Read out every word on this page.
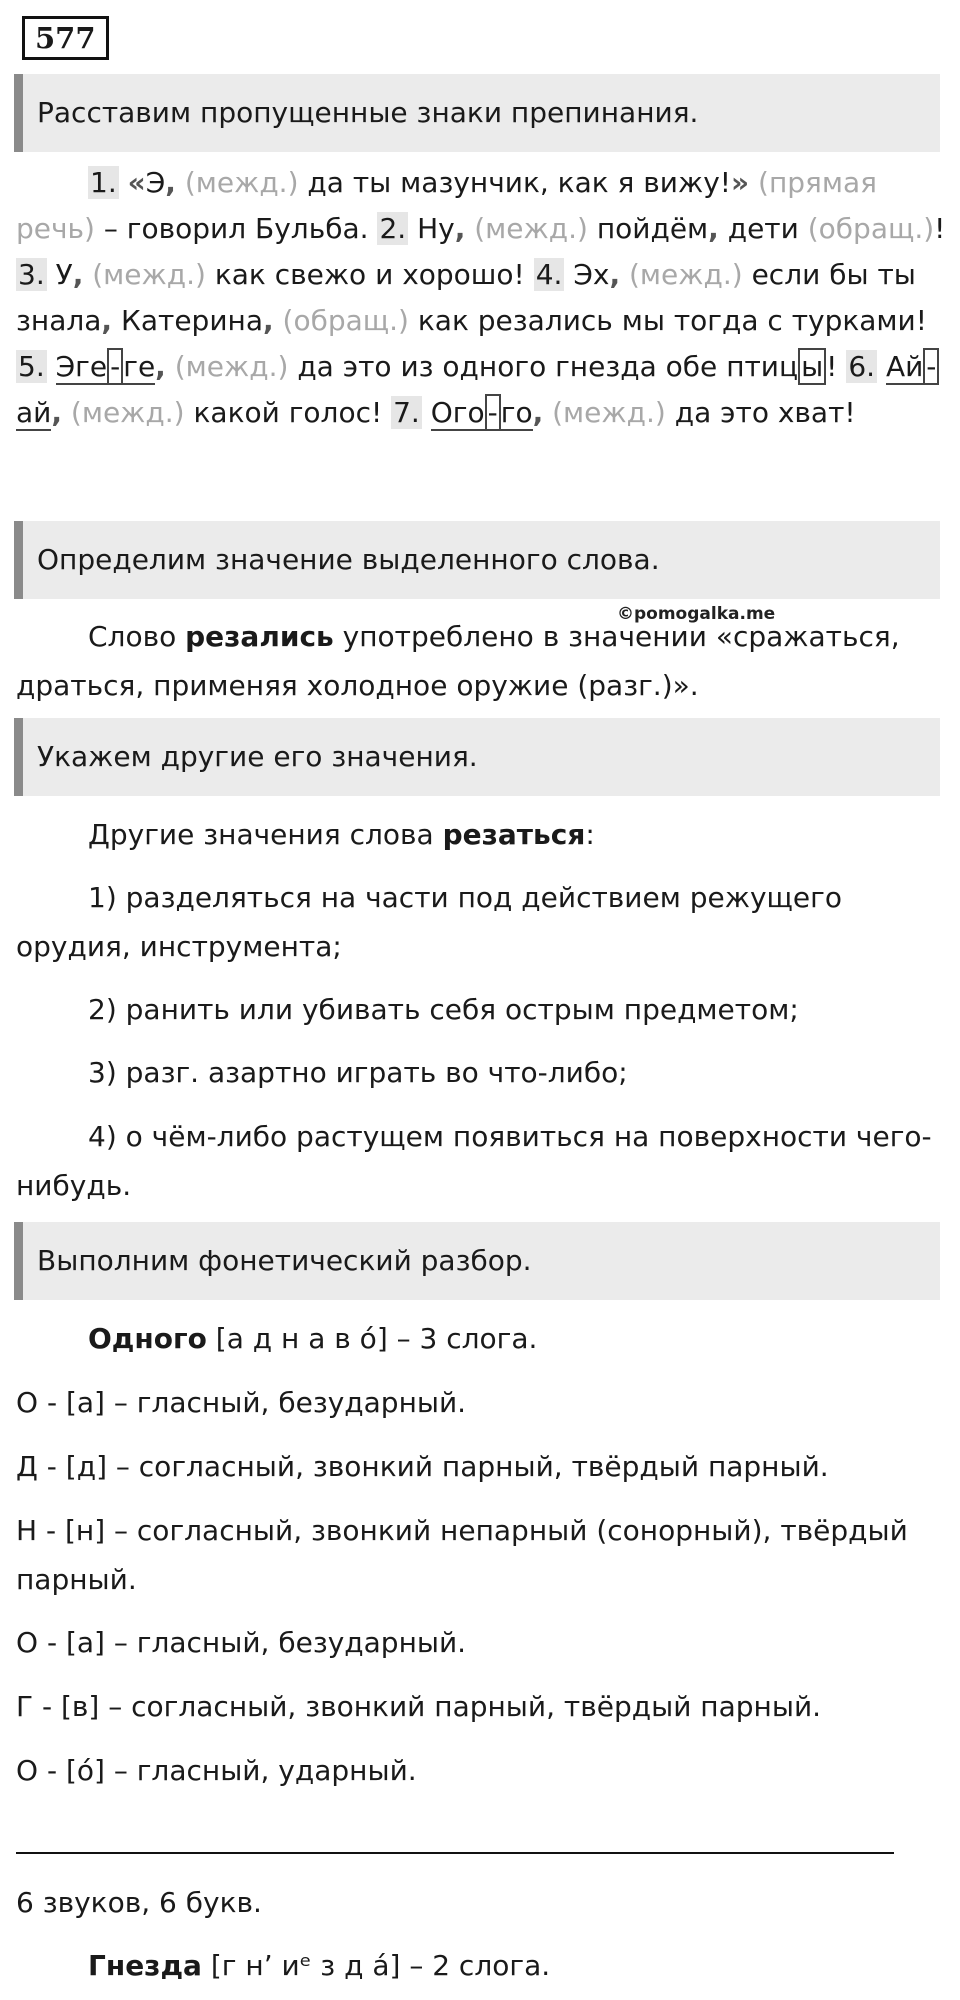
577
Расставим пропущенные знаки препинания.
1. «Э, (межд.) да ты мазунчик, как я вижу!» (прямая речь) – говорил Бульба. 2. Ну, (межд.) пойдём, дети (обращ.)! 3. У, (межд.) как свежо и хорошо! 4. Эх, (межд.) если бы ты знала, Катерина, (обращ.) как резались мы тогда с турками! 5. Эге - ге, (межд.) да это из одного гнезда обе птиц ы ! 6. Ай -ай, (межд.) какой голос! 7. Ого - го, (межд.) да это хват!
Определим значение выделенного слова.
©pomogalka.me
Слово резались употреблено в значении «сражаться, драться, применяя холодное оружие (разг.)».
Укажем другие его значения.
Другие значения слова резаться:
1) разделяться на части под действием режущего орудия, инструмента;
2) ранить или убивать себя острым предметом;
3) разг. азартно играть во что-либо;
4) о чём-либо растущем появиться на поверхности чего-нибудь.
Выполним фонетический разбор.
Одного [а д н а в о́] – 3 слога.
О - [а] – гласный, безударный.
Д - [д] – согласный, звонкий парный, твёрдый парный.
Н - [н] – согласный, звонкий непарный (сонорный), твёрдый парный.
О - [а] – гласный, безударный.
Г - [в] – согласный, звонкий парный, твёрдый парный.
О - [о́] – гласный, ударный.
6 звуков, 6 букв.
Гнезда [г н’ иᵉ з д а́] – 2 слога.
